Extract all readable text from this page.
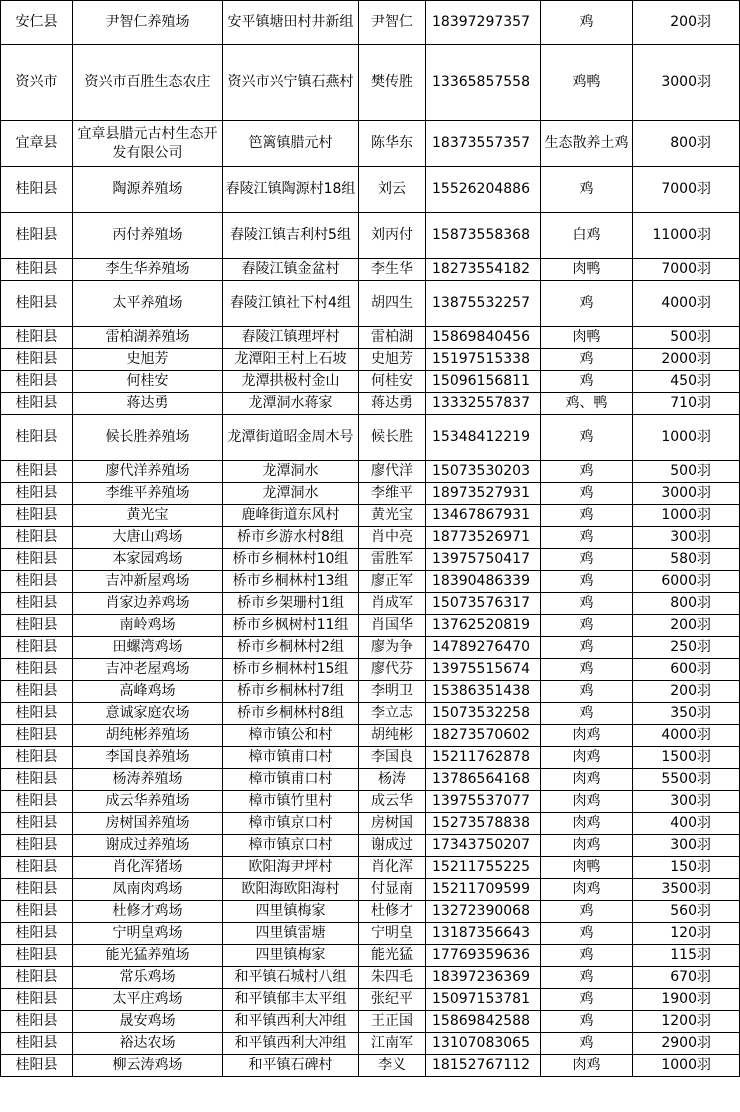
安仁县	尹智仁养殖场	安平镇塘田村井新组	尹智仁	18397297357	鸡	200羽
资兴市	资兴市百胜生态农庄	资兴市兴宁镇石燕村	樊传胜	13365857558	鸡鸭	3000羽
宜章县	宜章县腊元古村生态开发有限公司	笆篱镇腊元村	陈华东	18373557357	生态散养土鸡	800羽
桂阳县	陶源养殖场	舂陵江镇陶源村18组	刘云	15526204886	鸡	7000羽
桂阳县	丙付养殖场	舂陵江镇吉利村5组	刘丙付	15873558368	白鸡	11000羽
桂阳县	李生华养殖场	舂陵江镇金盆村	李生华	18273554182	肉鸭	7000羽
桂阳县	太平养殖场	舂陵江镇社下村4组	胡四生	13875532257	鸡	4000羽
桂阳县	雷柏湖养殖场	舂陵江镇理坪村	雷柏湖	15869840456	肉鸭	500羽
桂阳县	史旭芳	龙潭阳王村上石坡	史旭芳	15197515338	鸡	2000羽
桂阳县	何桂安	龙潭拱极村金山	何桂安	15096156811	鸡	450羽
桂阳县	蒋达勇	龙潭洞水蒋家	蒋达勇	13332557837	鸡、鸭	710羽
桂阳县	候长胜养殖场	龙潭街道昭金周木号	候长胜	15348412219	鸡	1000羽
桂阳县	廖代洋养殖场	龙潭洞水	廖代洋	15073530203	鸡	500羽
桂阳县	李维平养殖场	龙潭洞水	李维平	18973527931	鸡	3000羽
桂阳县	黄光宝	鹿峰街道东风村	黄光宝	13467867931	鸡	1000羽
桂阳县	大唐山鸡场	桥市乡游水村8组	肖中亮	18773526971	鸡	300羽
桂阳县	本家园鸡场	桥市乡桐林村10组	雷胜军	13975750417	鸡	580羽
桂阳县	吉冲新屋鸡场	桥市乡桐林村13组	廖正军	18390486339	鸡	6000羽
桂阳县	肖家边养鸡场	桥市乡架珊村1组	肖成军	15073576317	鸡	800羽
桂阳县	南岭鸡场	桥市乡枫树村11组	肖国华	13762520819	鸡	200羽
桂阳县	田螺湾鸡场	桥市乡桐林村2组	廖为争	14789276470	鸡	250羽
桂阳县	吉冲老屋鸡场	桥市乡桐林村15组	廖代芬	13975515674	鸡	600羽
桂阳县	高峰鸡场	桥市乡桐林村7组	李明卫	15386351438	鸡	200羽
桂阳县	意诚家庭农场	桥市乡桐林村8组	李立志	15073532258	鸡	350羽
桂阳县	胡纯彬养殖场	樟市镇公和村	胡纯彬	18273570602	肉鸡	4000羽
桂阳县	李国良养殖场	樟市镇甫口村	李国良	15211762878	肉鸡	1500羽
桂阳县	杨涛养殖场	樟市镇甫口村	杨涛	13786564168	肉鸡	5500羽
桂阳县	成云华养殖场	樟市镇竹里村	成云华	13975537077	肉鸡	300羽
桂阳县	房树国养殖场	樟市镇京口村	房树国	15273578838	肉鸡	400羽
桂阳县	谢成过养殖场	樟市镇京口村	谢成过	17343750207	肉鸡	300羽
桂阳县	肖化浑猪场	欧阳海尹坪村	肖化浑	15211755225	肉鸭	150羽
桂阳县	凤南肉鸡场	欧阳海欧阳海村	付显南	15211709599	肉鸡	3500羽
桂阳县	杜修才鸡场	四里镇梅家	杜修才	13272390068	鸡	560羽
桂阳县	宁明皇鸡场	四里镇雷塘	宁明皇	13187356643	鸡	120羽
桂阳县	能光猛养殖场	四里镇梅家	能光猛	17769359636	鸡	115羽
桂阳县	常乐鸡场	和平镇石城村八组	朱四毛	18397236369	鸡	670羽
桂阳县	太平庄鸡场	和平镇郁丰太平组	张纪平	15097153781	鸡	1900羽
桂阳县	晟安鸡场	和平镇西利大冲组	王正国	15869842588	鸡	1200羽
桂阳县	裕达农场	和平镇西利大冲组	江南军	13107083065	鸡	2900羽
桂阳县	柳云涛鸡场	和平镇石碑村	李义	18152767112	肉鸡	1000羽
